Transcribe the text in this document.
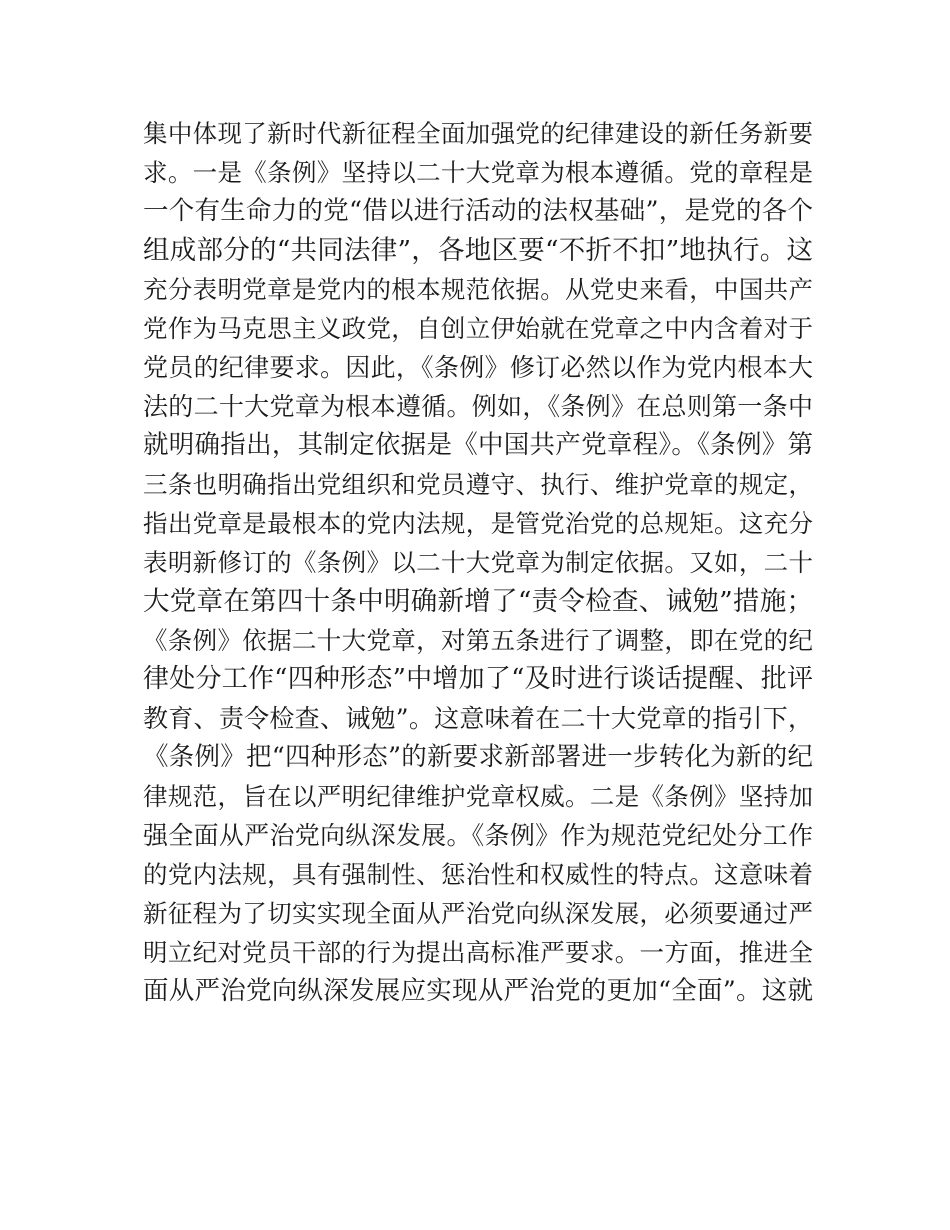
集中体现了新时代新征程全面加强党的纪律建设的新任务新要
求。一是《条例》坚持以二十大党章为根本遵循。党的章程是
一个有生命力的党“借以进行活动的法权基础”，是党的各个
组成部分的“共同法律”，各地区要“不折不扣”地执行。这
充分表明党章是党内的根本规范依据。从党史来看，中国共产
党作为马克思主义政党，自创立伊始就在党章之中内含着对于
党员的纪律要求。因此，《条例》修订必然以作为党内根本大
法的二十大党章为根本遵循。例如，《条例》在总则第一条中
就明确指出，其制定依据是《中国共产党章程》。《条例》第
三条也明确指出党组织和党员遵守、执行、维护党章的规定，
指出党章是最根本的党内法规，是管党治党的总规矩。这充分
表明新修订的《条例》以二十大党章为制定依据。又如，二十
大党章在第四十条中明确新增了“责令检查、诫勉”措施；
《条例》依据二十大党章，对第五条进行了调整，即在党的纪
律处分工作“四种形态”中增加了“及时进行谈话提醒、批评
教育、责令检查、诫勉”。这意味着在二十大党章的指引下，
《条例》把“四种形态”的新要求新部署进一步转化为新的纪
律规范，旨在以严明纪律维护党章权威。二是《条例》坚持加
强全面从严治党向纵深发展。《条例》作为规范党纪处分工作
的党内法规，具有强制性、惩治性和权威性的特点。这意味着
新征程为了切实实现全面从严治党向纵深发展，必须要通过严
明立纪对党员干部的行为提出高标准严要求。一方面，推进全
面从严治党向纵深发展应实现从严治党的更加“全面”。这就
